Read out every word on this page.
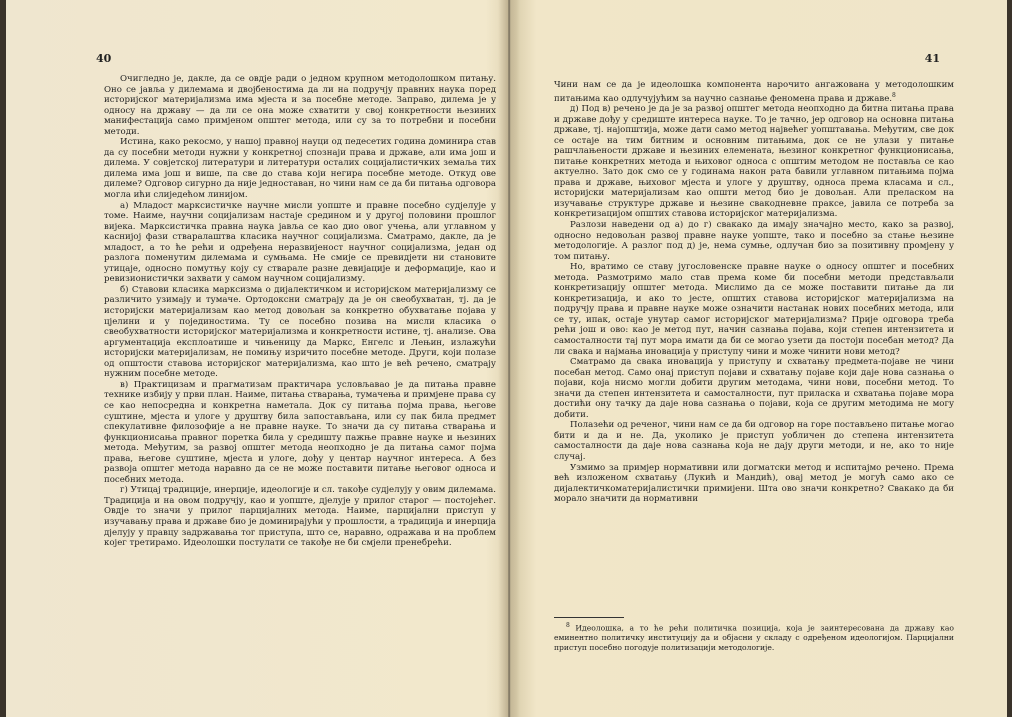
40

Очигледно је, дакле, да се овдје ради о једном крупном методолошком питању. Оно се јавља у дилемама и двојбеностима да ли на подручју правних наука поред историјског материјализма има мјеста и за посебне методе. Заправо, дилема је у односу на државу — да ли се она може схватити у свој конкретности њезиних манифестација само примјеном општег метода, или су за то потребни и посебни методи.

Истина, како рекосмо, у нашој правној науци од педесетих година доминира став да су посебни методи нужни у конкретној спознаји права и државе, али има још и дилема. У совјетској литератури и литератури осталих социјалистичких земаља тих дилема има још и више, па све до става који негира посебне методе. Откуд ове дилеме? Одговор сигурно да није једноставан, но чини нам се да би питања одговора могла ићи слиједећом линијом.

а) Младост марксистичке научне мисли уопште и правне посебно судјелује у томе. Наиме, научни социјализам настаје средином и у другој половини прошлог вијека. Марксистичка правна наука јавља се као дио овог учења, али углавном у каснијој фази стваралаштва класика научног социјализма. Сматрамо, дакле, да је младост, а то ће рећи и одређена неразвијеност научног социјализма, један од разлога поменутим дилемама и сумњама. Не смије се превидјети ни становите утицаје, односно помутњу коју су стварале разне девијације и деформације, као и ревизионистички захвати у самом научном социјализму.

б) Ставови класика марксизма о дијалектичком и историјском материјализму се различито узимају и тумаче. Ортодоксни сматрају да је он свеобухватан, тј. да је историјски материјализам као метод довољан за конкретно обухватање појава у цјелини и у појединостима. Ту се посебно позива на мисли класика о свеобухватности историјског материјализма и конкретности истине, тј. анализе. Ова аргументација експлоатише и чињеницу да Маркс, Енгелс и Лењин, излажући историјски материјализам, не помињу изричито посебне методе. Други, који полазе од општости ставова историјског материјализма, као што је већ речено, сматрају нужним посебне методе.

в) Практицизам и прагматизам практичара условљавао је да питања правне технике избију у први план. Наиме, питања стварања, тумачења и примјене права су се као непосредна и конкретна наметала. Док су питања појма права, његове суштине, мјеста и улоге у друштву била запостављана, или су пак била предмет спекулативне филозофије а не правне науке. То значи да су питања стварања и функционисања правног поретка била у средишту пажње правне науке и њезиних метода. Међутим, за развој општег метода неопходно је да питања самог појма права, његове суштине, мјеста и улоге, дођу у центар научног интереса. А без развоја општег метода наравно да се не може поставити питање његовог односа и посебних метода.

г) Утицај традиције, инерције, идеологије и сл. такође судјелују у овим дилемама. Традиција и на овом подручју, као и уопште, дјелује у прилог старог — постојећег. Овдје то значи у прилог парцијалних метода. Наиме, парцијални приступ у изучавању права и државе био је доминирајући у прошлости, а традиција и инерција дјелују у правцу задржавања тог приступа, што се, наравно, одражава и на проблем којег третирамо. Идеолошки постулати се такође не би смјели пренебрећи.

41

Чини нам се да је идеолошка компонента нарочито ангажована у методолошким питањима као одлучујућим за научно сазнање феномена права и државе.$^8$

д) Под в) речено је да је за развој општег метода неопходно да битна питања права и државе дођу у средиште интереса науке. То је тачно, јер одговор на основна питања државе, тј. најопштија, може дати само метод највећег уопштавања. Међутим, све док се остаје на тим битним и основним питањима, док се не улази у питање рашчлањености државе и њезиних елемената, њезиног конкретног функционисања, питање конкретних метода и њиховог односа с општим методом не поставља се као актуелно. Зато док смо се у годинама након рата бавили углавном питањима појма права и државе, њиховог мјеста и улоге у друштву, односа према класама и сл., историјски материјализам као општи метод био је довољан. Али преласком на изучавање структуре државе и њезине свакодневне праксе, јавила се потреба за конкретизацијом општих ставова историјског материјализма.

Разлози наведени од а) до г) свакако да имају значајно место, како за развој, односно недовољан развој правне науке уопште, тако и посебно за стање њезине методологије. А разлог под д) је, нема сумње, одлучан био за позитивну промјену у том питању.

Но, вратимо се ставу југословенске правне науке о односу општег и посебних метода. Размотримо мало став према коме би посебни методи представљали конкретизацију општег метода. Мислимо да се може поставити питање да ли конкретизација, и ако то јесте, општих ставова историјског материјализма на подручју права и правне науке може означити настанак нових посебних метода, или се ту, ипак, остаје унутар самог историјског материјализма? Прије одговора треба рећи још и ово: као је метод пут, начин сазнања појава, који степен интензитета и самосталности тај пут мора имати да би се могао узети да постоји посебан метод? Да ли свака и најмања иновација у приступу чини и може чинити нови метод?

Сматрамо да свака иновација у приступу и схватању предмета-појаве не чини посебан метод. Само онај приступ појави и схватању појаве који даје нова сазнања о појави, која нисмо могли добити другим методама, чини нови, посебни метод. То значи да степен интензитета и самосталности, пут приласка и схватања појаве мора достићи ону тачку да даје нова сазнања о појави, која се другим методима не могу добити.

Полазећи од реченог, чини нам се да би одговор на горе постављено питање могао бити и да и не. Да, уколико је приступ уобличен до степена интензитета самосталности да даје нова сазнања која не дају други методи, и не, ако то није случај.

Узмимо за примјер нормативни или догматски метод и испитајмо речено. Према већ изложеном схватању (Лукић и Мандић), овај метод је могућ само ако се дијалектичкоматеријалистички примијени. Шта ово значи конкретно? Свакако да би морало значити да нормативни

$^8$ Идеолошка, а то ће рећи политичка позиција, која је заинтересована да државу као еминентно политичку институцију да и објасни у складу с одређеном идеологијом. Парцијални приступ посебно погодује политизацији методологије.
